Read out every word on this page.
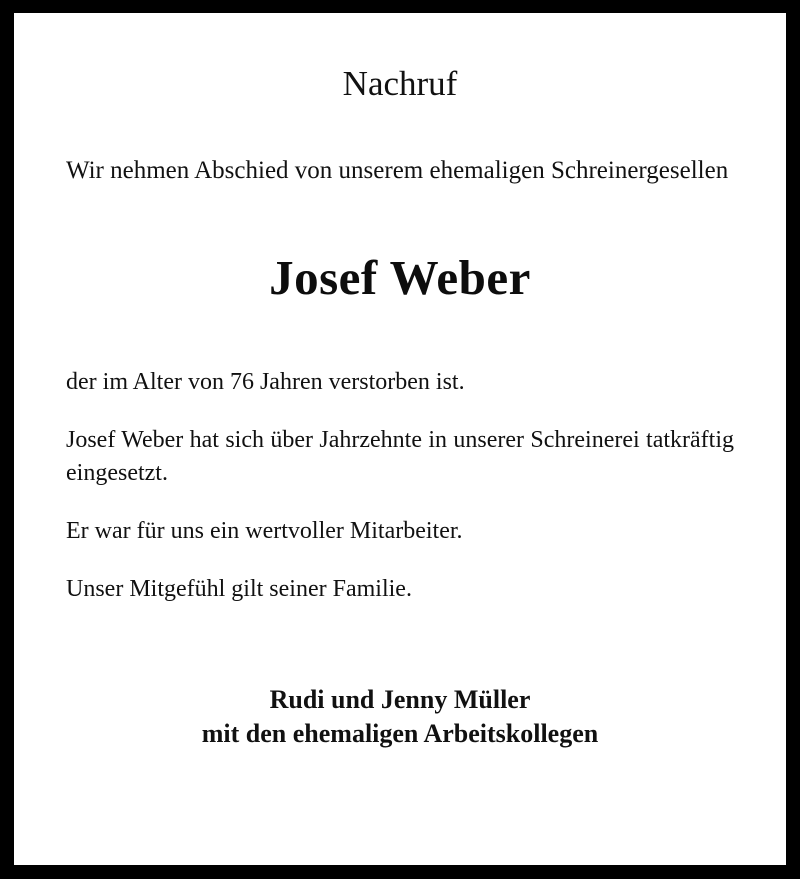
Nachruf

Wir nehmen Abschied von unserem ehemaligen Schreinergesellen

Josef Weber

der im Alter von 76 Jahren verstorben ist.

Josef Weber hat sich über Jahrzehnte in unserer Schreinerei tatkräftig eingesetzt.

Er war für uns ein wertvoller Mitarbeiter.

Unser Mitgefühl gilt seiner Familie.

Rudi und Jenny Müller
mit den ehemaligen Arbeitskollegen
